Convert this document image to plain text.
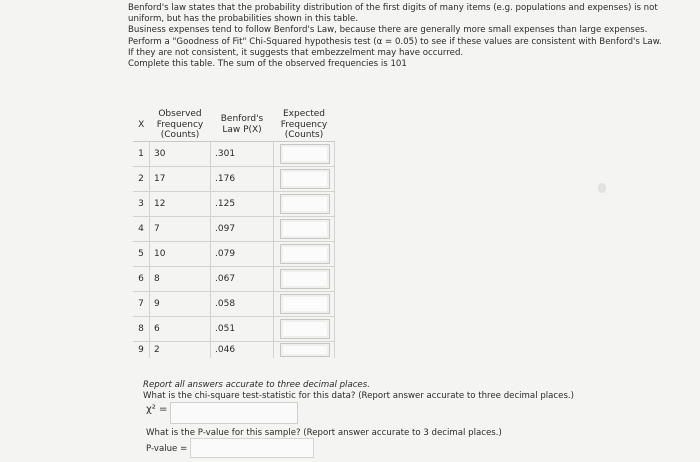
Benford's law states that the probability distribution of the first digits of many items (e.g. populations and expenses) is not uniform, but has the probabilities shown in this table.

Business expenses tend to follow Benford's Law, because there are generally more small expenses than large expenses.

Perform a "Goodness of Fit" Chi-Squared hypothesis test (α = 0.05) to see if these values are consistent with Benford's Law.

If they are not consistent, it suggests that embezzelment may have occurred.

Complete this table. The sum of the observed frequencies is 101

X	Observed Frequency (Counts)	Benford's Law P(X)	Expected Frequency (Counts)
1	30	.301	

2	17	.176	

3	12	.125	

4	7	.097	

5	10	.079	

6	8	.067	

7	9	.058	

8	6	.051	

9	2	.046	
Report all answers accurate to three decimal places.
What is the chi-square test-statistic for this data? (Report answer accurate to three decimal places.)
χ² =
What is the P-value for this sample? (Report answer accurate to 3 decimal places.)
P-value =
